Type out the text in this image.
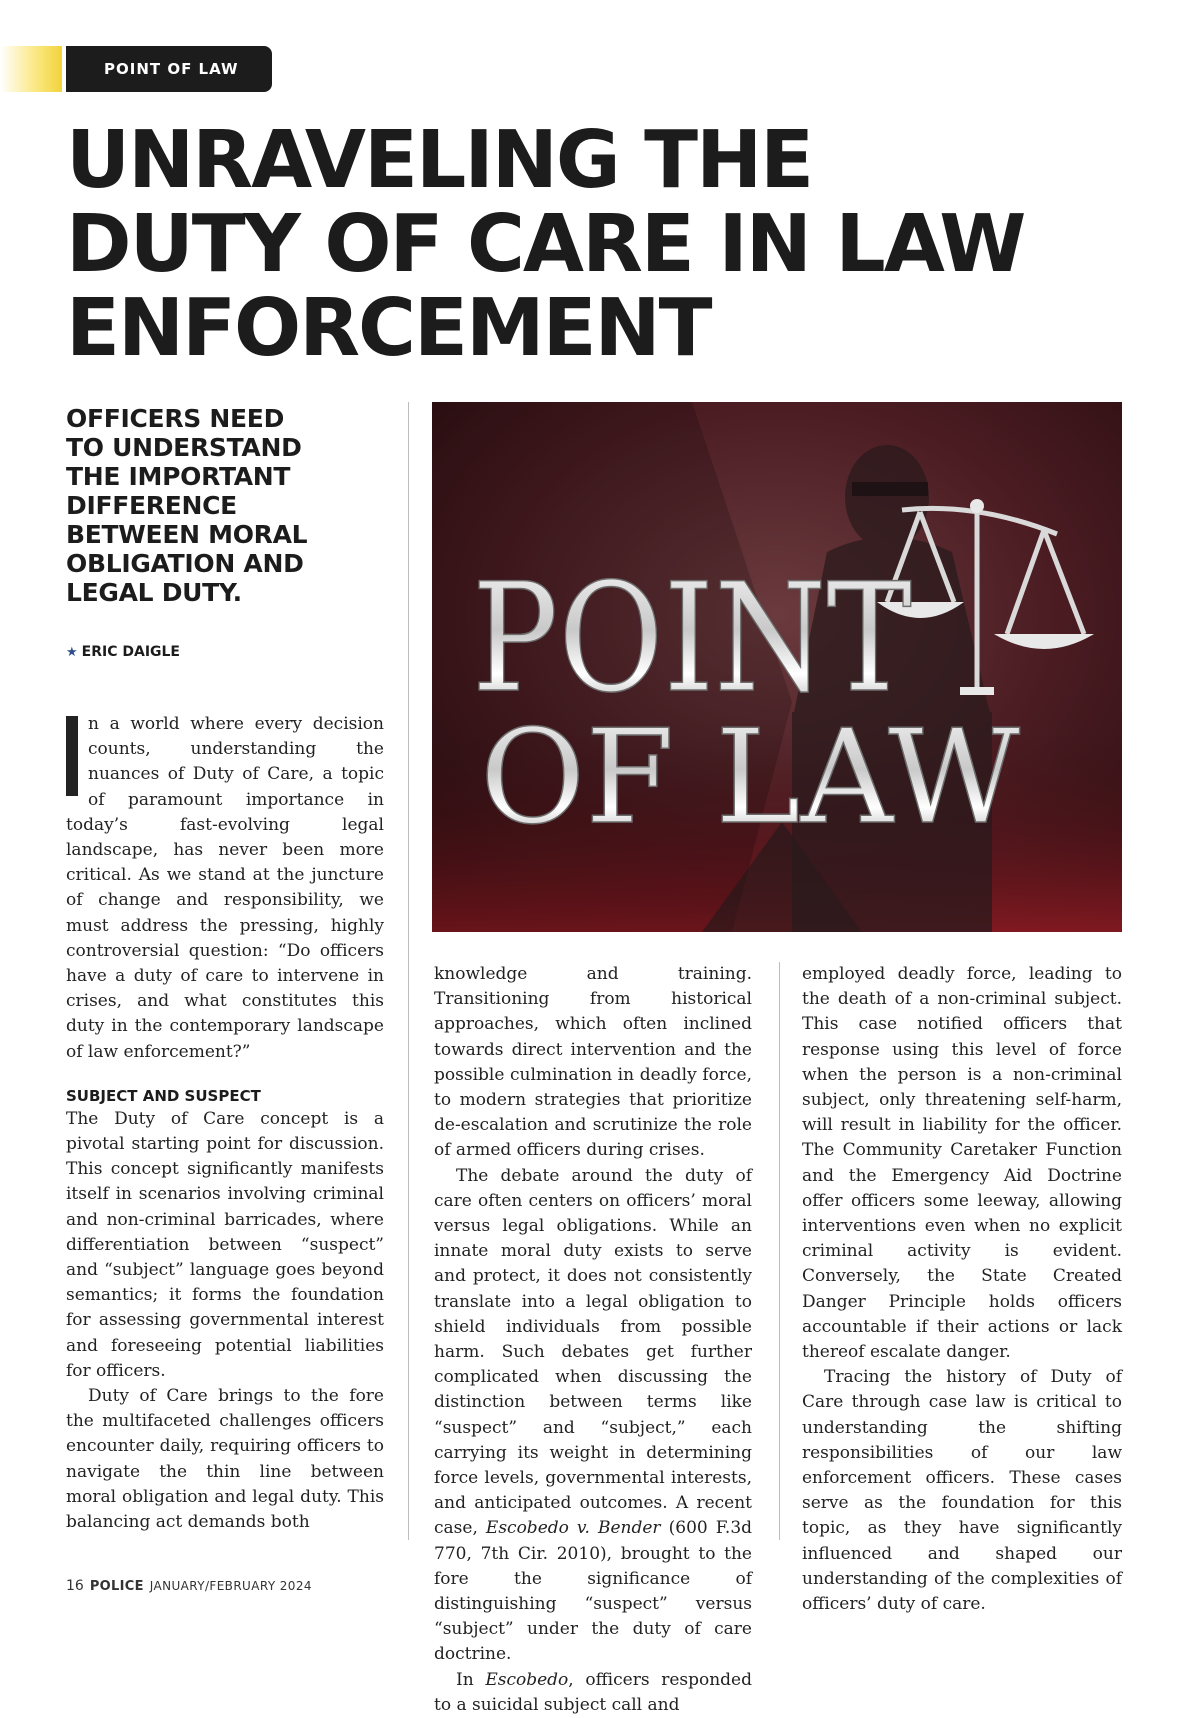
POINT OF LAW
UNRAVELING THE
DUTY OF CARE IN LAW
ENFORCEMENT
OFFICERS NEED
TO UNDERSTAND
THE IMPORTANT
DIFFERENCE
BETWEEN MORAL
OBLIGATION AND
LEGAL DUTY.
★ ERIC DAIGLE POINT
OF LAW

n a world where every decision counts, understanding the nuances of Duty of Care, a topic of paramount importance in today’s fast-evolving legal landscape, has never been more critical. As we stand at the juncture of change and responsibility, we must address the pressing, highly controversial question: “Do officers have a duty of care to intervene in crises, and what constitutes this duty in the contemporary landscape of law enforcement?”

SUBJECT AND SUSPECT

The Duty of Care concept is a pivotal starting point for discussion. This concept significantly manifests itself in scenarios involving criminal and non-criminal barricades, where differentiation between “suspect” and “subject” language goes beyond semantics; it forms the foundation for assessing governmental interest and foreseeing potential liabilities for officers.

Duty of Care brings to the fore the multifaceted challenges officers encounter daily, requiring officers to navigate the thin line between moral obligation and legal duty. This balancing act demands both

knowledge and training. Transitioning from historical approaches, which often inclined towards direct intervention and the possible culmination in deadly force, to modern strategies that prioritize de-escalation and scrutinize the role of armed officers during crises.

The debate around the duty of care often centers on officers’ moral versus legal obligations. While an innate moral duty exists to serve and protect, it does not consistently translate into a legal obligation to shield individuals from possible harm. Such debates get further complicated when discussing the distinction between terms like “suspect” and “subject,” each carrying its weight in determining force levels, governmental interests, and anticipated outcomes. A recent case, Escobedo v. Bender (600 F.3d 770, 7th Cir. 2010), brought to the fore the significance of distinguishing “suspect” versus “subject” under the duty of care doctrine.

In Escobedo, officers responded to a suicidal subject call and

employed deadly force, leading to the death of a non-criminal subject. This case notified officers that response using this level of force when the person is a non-criminal subject, only threatening self-harm, will result in liability for the officer. The Community Caretaker Function and the Emergency Aid Doctrine offer officers some leeway, allowing interventions even when no explicit criminal activity is evident. Conversely, the State Created Danger Principle holds officers accountable if their actions or lack thereof escalate danger.

Tracing the history of Duty of Care through case law is critical to understanding the shifting responsibilities of our law enforcement officers. These cases serve as the foundation for this topic, as they have significantly influenced and shaped our understanding of the complexities of officers’ duty of care.

16 POLICE JANUARY/FEBRUARY 2024
